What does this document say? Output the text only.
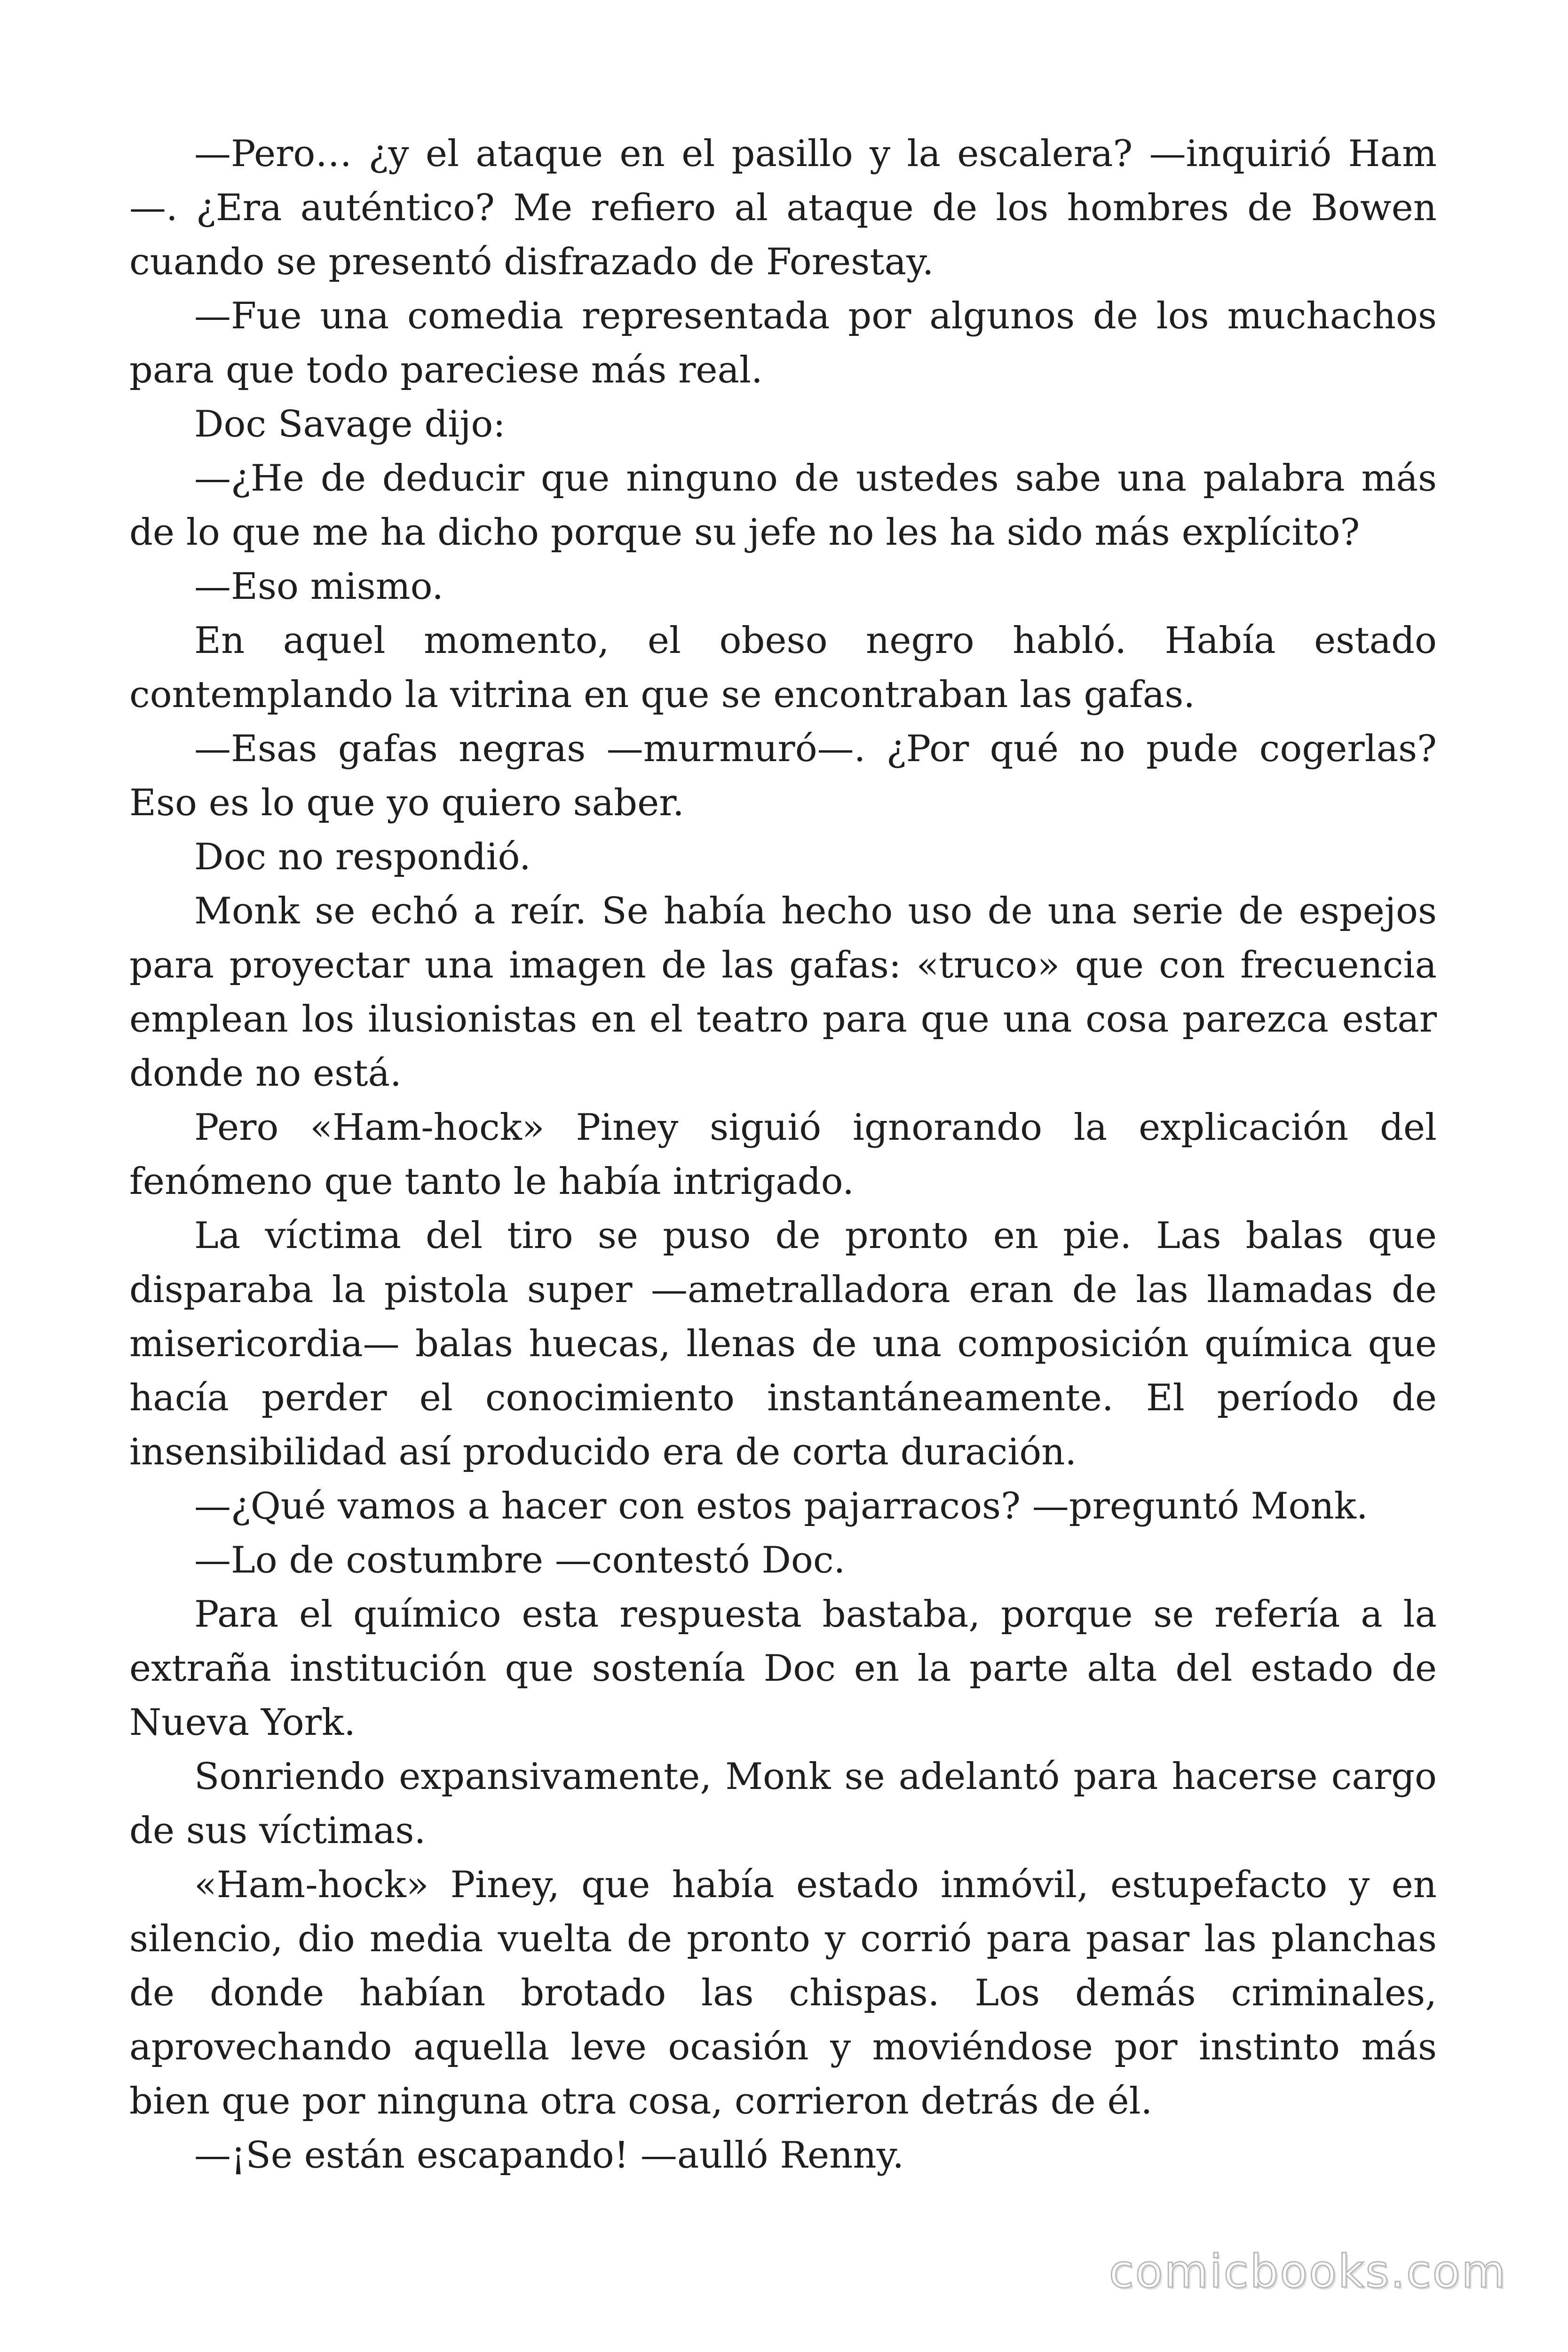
—Pero… ¿y el ataque en el pasillo y la escalera? —inquirió Ham —. ¿Era auténtico? Me refiero al ataque de los hombres de Bowen cuando se presentó disfrazado de Forestay.

—Fue una comedia representada por algunos de los muchachos para que todo pareciese más real.

Doc Savage dijo:

—¿He de deducir que ninguno de ustedes sabe una palabra más de lo que me ha dicho porque su jefe no les ha sido más explícito?

—Eso mismo.

En aquel momento, el obeso negro habló. Había estado contemplando la vitrina en que se encontraban las gafas.

—Esas gafas negras —murmuró—. ¿Por qué no pude cogerlas? Eso es lo que yo quiero saber.

Doc no respondió.

Monk se echó a reír. Se había hecho uso de una serie de espejos para proyectar una imagen de las gafas: «truco» que con frecuencia emplean los ilusionistas en el teatro para que una cosa parezca estar donde no está.

Pero «Ham-hock» Piney siguió ignorando la explicación del fenómeno que tanto le había intrigado.

La víctima del tiro se puso de pronto en pie. Las balas que disparaba la pistola super —ametralladora eran de las llamadas de misericordia— balas huecas, llenas de una composición química que hacía perder el conocimiento instantáneamente. El período de insensibilidad así producido era de corta duración.

—¿Qué vamos a hacer con estos pajarracos? —preguntó Monk.

—Lo de costumbre —contestó Doc.

Para el químico esta respuesta bastaba, porque se refería a la extraña institución que sostenía Doc en la parte alta del estado de Nueva York.

Sonriendo expansivamente, Monk se adelantó para hacerse cargo de sus víctimas.

«Ham-hock» Piney, que había estado inmóvil, estupefacto y en silencio, dio media vuelta de pronto y corrió para pasar las planchas de donde habían brotado las chispas. Los demás criminales, aprovechando aquella leve ocasión y moviéndose por instinto más bien que por ninguna otra cosa, corrieron detrás de él.

—¡Se están escapando! —aulló Renny.

comicbooks.com
